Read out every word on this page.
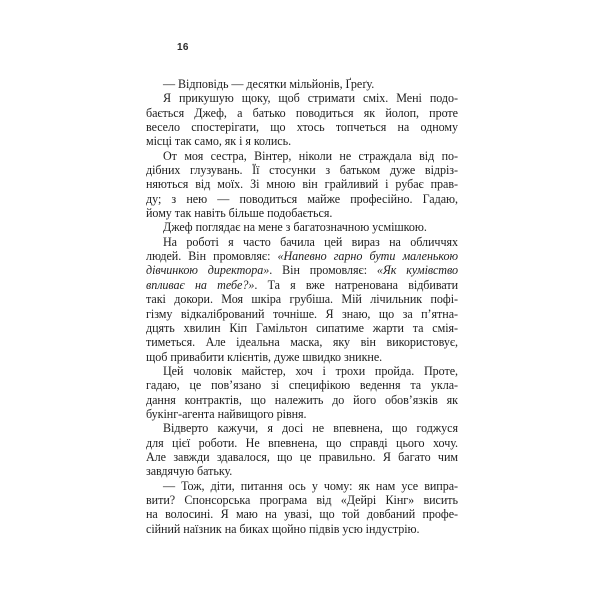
16
— Відповідь — десятки мільйонів, Ґреґу.
Я прикушую щоку, щоб стримати сміх. Мені подо-
бається Джеф, а батько поводиться як йолоп, проте
весело спостерігати, що хтось топчеться на одному
місці так само, як і я колись.
От моя сестра, Вінтер, ніколи не страждала від по-
дібних глузувань. Її стосунки з батьком дуже відріз-
няються від моїх. Зі мною він грайливий і рубає прав-
ду; з нею — поводиться майже професійно. Гадаю,
йому так навіть більше подобається.
Джеф поглядає на мене з багатозначною усмішкою.
На роботі я часто бачила цей вираз на обличчях
людей. Він промовляє: «Напевно гарно бути маленькою
дівчинкою директора». Він промовляє: «Як кумівство
впливає на тебе?». Та я вже натренована відбивати
такі докори. Моя шкіра грубіша. Мій лічильник пофі-
гізму відкалібрований точніше. Я знаю, що за п’ятна-
дцять хвилин Кіп Гамільтон сипатиме жарти та смія-
тиметься. Але ідеальна маска, яку він використовує,
щоб привабити клієнтів, дуже швидко зникне.
Цей чоловік майстер, хоч і трохи пройда. Проте,
гадаю, це пов’язано зі специфікою ведення та укла-
дання контрактів, що належить до його обов’язків як
букінг-агента найвищого рівня.
Відверто кажучи, я досі не впевнена, що годжуся
для цієї роботи. Не впевнена, що справді цього хочу.
Але завжди здавалося, що це правильно. Я багато чим
завдячую батьку.
— Тож, діти, питання ось у чому: як нам усе випра-
вити? Спонсорська програма від «Дейрі Кінг» висить
на волосині. Я маю на увазі, що той довбаний профе-
сійний наїзник на биках щойно підвів усю індустрію.
